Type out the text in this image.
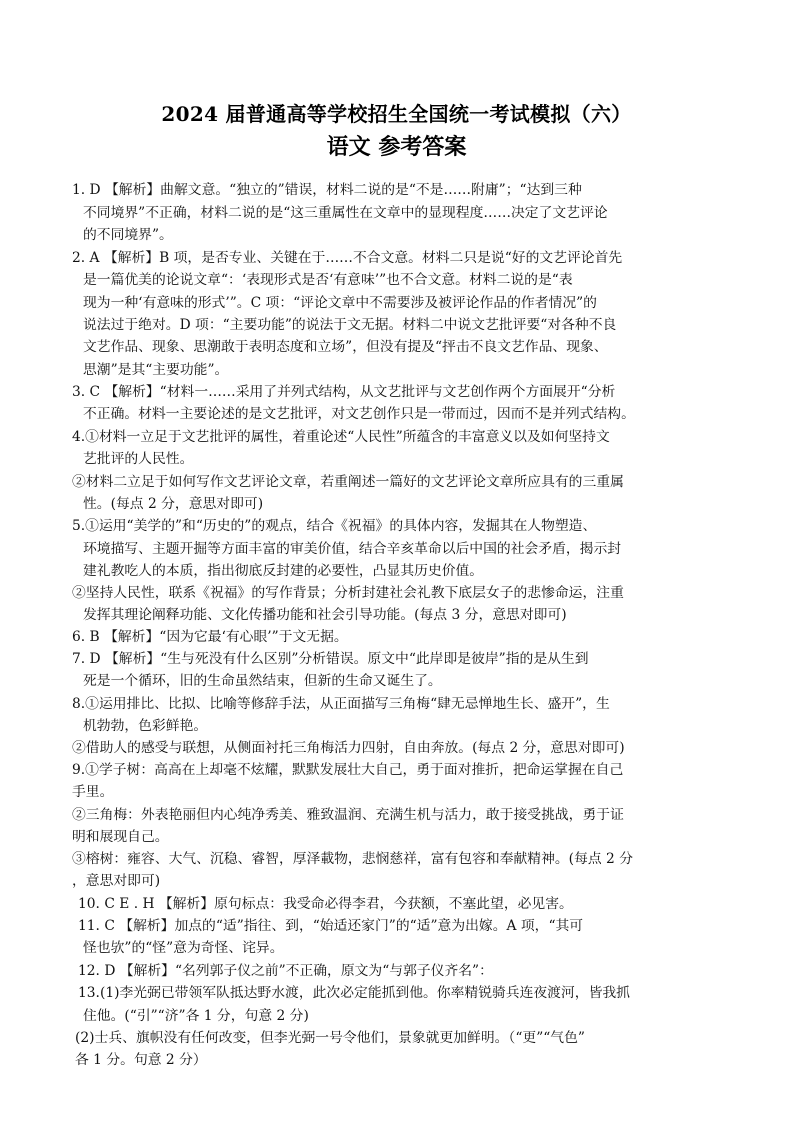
2024 届普通高等学校招生全国统一考试模拟（六）
语文 参考答案
1. D 【解析】曲解文意。“独立的”错误，材料二说的是“不是……附庸”；“达到三种
不同境界”不正确，材料二说的是“这三重属性在文章中的显现程度……决定了文艺评论
的不同境界”。
2. A 【解析】B 项，是否专业、关键在于……不合文意。材料二只是说“好的文艺评论首先
是一篇优美的论说文章“：‘表现形式是否‘有意味’”也不合文意。材料二说的是“表
现为一种‘有意味的形式’”。C 项：“评论文章中不需要涉及被评论作品的作者情况”的
说法过于绝对。D 项：“主要功能”的说法于文无据。材料二中说文艺批评要“对各种不良
文艺作品、现象、思潮敢于表明态度和立场”，但没有提及“抨击不良文艺作品、现象、
思潮”是其“主要功能”。
3. C 【解析】“材料一……采用了并列式结构，从文艺批评与文艺创作两个方面展开“分析
不正确。材料一主要论述的是文艺批评，对文艺创作只是一带而过，因而不是并列式结构。
4.①材料一立足于文艺批评的属性，着重论述“人民性”所蕴含的丰富意义以及如何坚持文
艺批评的人民性。
②材料二立足于如何写作文艺评论文章，若重阐述一篇好的文艺评论文章所应具有的三重属
性。(每点 2 分，意思对即可)
5.①运用“美学的”和“历史的”的观点，结合《祝福》的具体内容，发掘其在人物塑造、
环境描写、主题开掘等方面丰富的审美价值，结合辛亥革命以后中国的社会矛盾，揭示封
建礼教吃人的本质，指出彻底反封建的必要性，凸显其历史价值。
②坚持人民性，联系《祝福》的写作背景；分析封建社会礼教下底层女子的悲惨命运，注重
发挥其理论阐释功能、文化传播功能和社会引导功能。(每点 3 分，意思对即可)
6. B 【解析】“因为它最‘有心眼’”于文无据。
7. D 【解析】“生与死没有什么区别”分析错误。原文中“此岸即是彼岸”指的是从生到
死是一个循环，旧的生命虽然结束，但新的生命又诞生了。
8.①运用排比、比拟、比喻等修辞手法，从正面描写三角梅“肆无忌惮地生长、盛开”，生
机勃勃，色彩鲜艳。
②借助人的感受与联想，从侧面衬托三角梅活力四射，自由奔放。(每点 2 分，意思对即可)
9.①学子树：高高在上却毫不炫耀，默默发展壮大自己，勇于面对推折，把命运掌握在自己
手里。
②三角梅：外表艳丽但内心纯净秀美、雅致温润、充满生机与活力，敢于接受挑战，勇于证
明和展现自己。
③榕树：雍容、大气、沉稳、睿智，厚泽載物，悲悯慈祥，富有包容和奉献精神。(每点 2 分
，意思对即可)
10. C E . H 【解析】原句标点：我受命必得李君，今获额，不塞此望，必见害。
11. C 【解析】加点的“适”指往、到，“始适还家门”的“适”意为出嫁。A 项，“其可
怪也欤”的“怪”意为奇怪、诧异。
12. D 【解析】“名列郭子仪之前”不正确，原文为“与郭子仪齐名”：
13.(1)李光弼已带领军队抵达野水渡，此次必定能抓到他。你率精锐骑兵连夜渡河，皆我抓
住他。(“引”“济”各 1 分，句意 2 分)
(2)士兵、旗帜没有任何改变，但李光弼一号令他们，景象就更加鲜明。（“更”“气色”
各 1 分。句意 2 分）
